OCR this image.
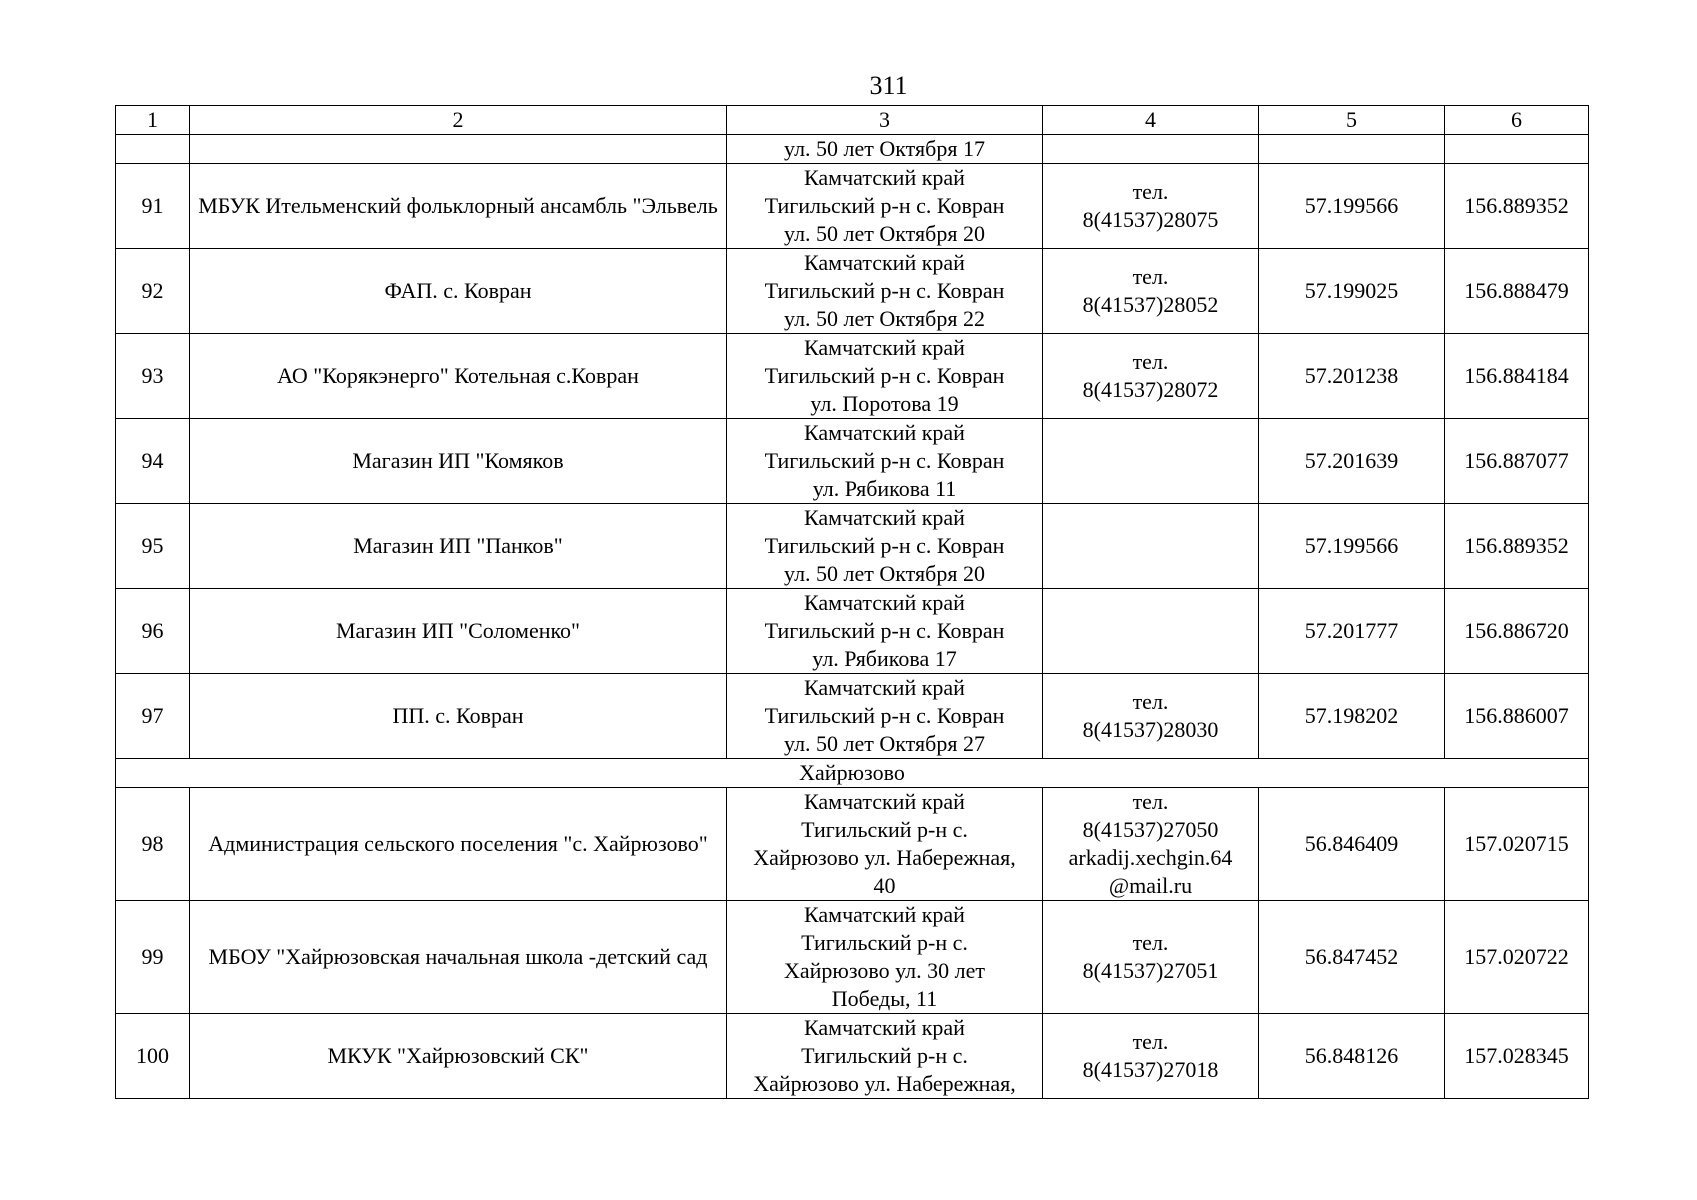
311
1	2	3	4	5	6
		ул. 50 лет Октября 17			
91	МБУК Ительменский фольклорный ансамбль "Эльвель	Камчатский край
Тигильский р-н с. Ковран
ул. 50 лет Октября 20	тел.
8(41537)28075	57.199566	156.889352
92	ФАП. с. Ковран	Камчатский край
Тигильский р-н с. Ковран
ул. 50 лет Октября 22	тел.
8(41537)28052	57.199025	156.888479
93	АО "Корякэнерго" Котельная с.Ковран	Камчатский край
Тигильский р-н с. Ковран
ул. Поротова 19	тел.
8(41537)28072	57.201238	156.884184
94	Магазин ИП "Комяков	Камчатский край
Тигильский р-н с. Ковран
ул. Рябикова 11		57.201639	156.887077
95	Магазин ИП "Панков"	Камчатский край
Тигильский р-н с. Ковран
ул. 50 лет Октября 20		57.199566	156.889352
96	Магазин ИП "Соломенко"	Камчатский край
Тигильский р-н с. Ковран
ул. Рябикова 17		57.201777	156.886720
97	ПП. с. Ковран	Камчатский край
Тигильский р-н с. Ковран
ул. 50 лет Октября 27	тел.
8(41537)28030	57.198202	156.886007
Хайрюзово					
98	Администрация сельского поселения "с. Хайрюзово"	Камчатский край
Тигильский р-н с.
Хайрюзово ул. Набережная,
40	тел.
8(41537)27050
arkadij.xechgin.64
@mail.ru	56.846409	157.020715
99	МБОУ "Хайрюзовская начальная школа -детский сад	Камчатский край
Тигильский р-н с.
Хайрюзово ул. 30 лет
Победы, 11	тел.
8(41537)27051	56.847452	157.020722
100	МКУК "Хайрюзовский СК"	Камчатский край
Тигильский р-н с.
Хайрюзово ул. Набережная,	тел.
8(41537)27018	56.848126	157.028345
